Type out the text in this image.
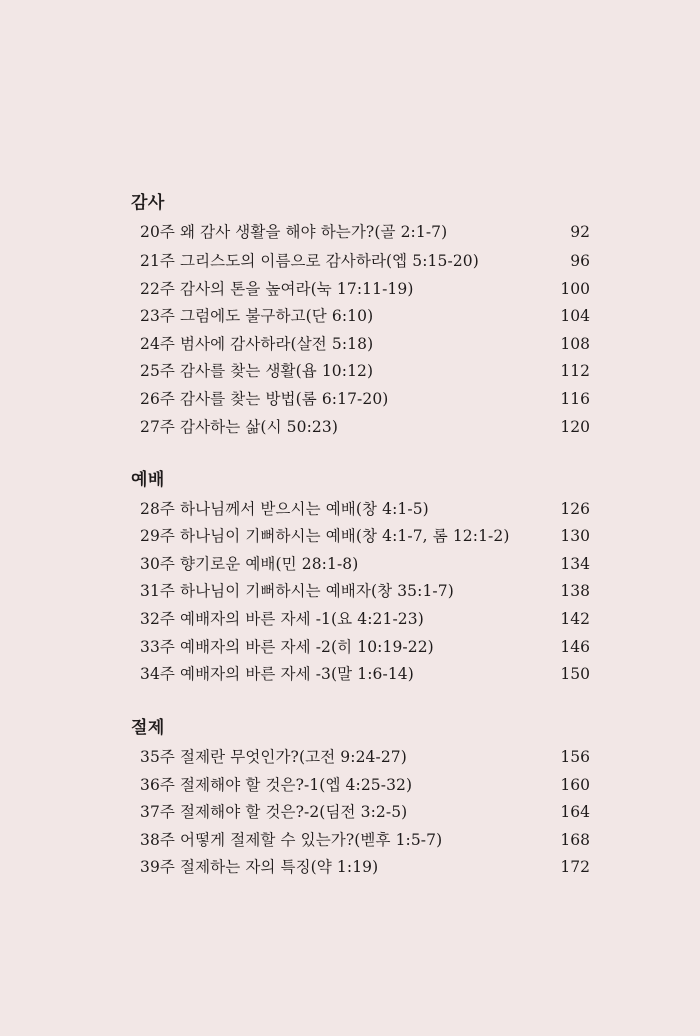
감사
20주 왜 감사 생활을 해야 하는가?(골 2:1-7)	92
21주 그리스도의 이름으로 감사하라(엡 5:15-20)	96
22주 감사의 톤을 높여라(눅 17:11-19)	100
23주 그럼에도 불구하고(단 6:10)	104
24주 범사에 감사하라(살전 5:18)	108
25주 감사를 찾는 생활(욥 10:12)	112
26주 감사를 찾는 방법(롬 6:17-20)	116
27주 감사하는 삶(시 50:23)	120
예배
28주 하나님께서 받으시는 예배(창 4:1-5)	126
29주 하나님이 기뻐하시는 예배(창 4:1-7, 롬 12:1-2)	130
30주 향기로운 예배(민 28:1-8)	134
31주 하나님이 기뻐하시는 예배자(창 35:1-7)	138
32주 예배자의 바른 자세 -1(요 4:21-23)	142
33주 예배자의 바른 자세 -2(히 10:19-22)	146
34주 예배자의 바른 자세 -3(말 1:6-14)	150
절제
35주 절제란 무엇인가?(고전 9:24-27)	156
36주 절제해야 할 것은?-1(엡 4:25-32)	160
37주 절제해야 할 것은?-2(딤전 3:2-5)	164
38주 어떻게 절제할 수 있는가?(벧후 1:5-7)	168
39주 절제하는 자의 특징(약 1:19)	172
